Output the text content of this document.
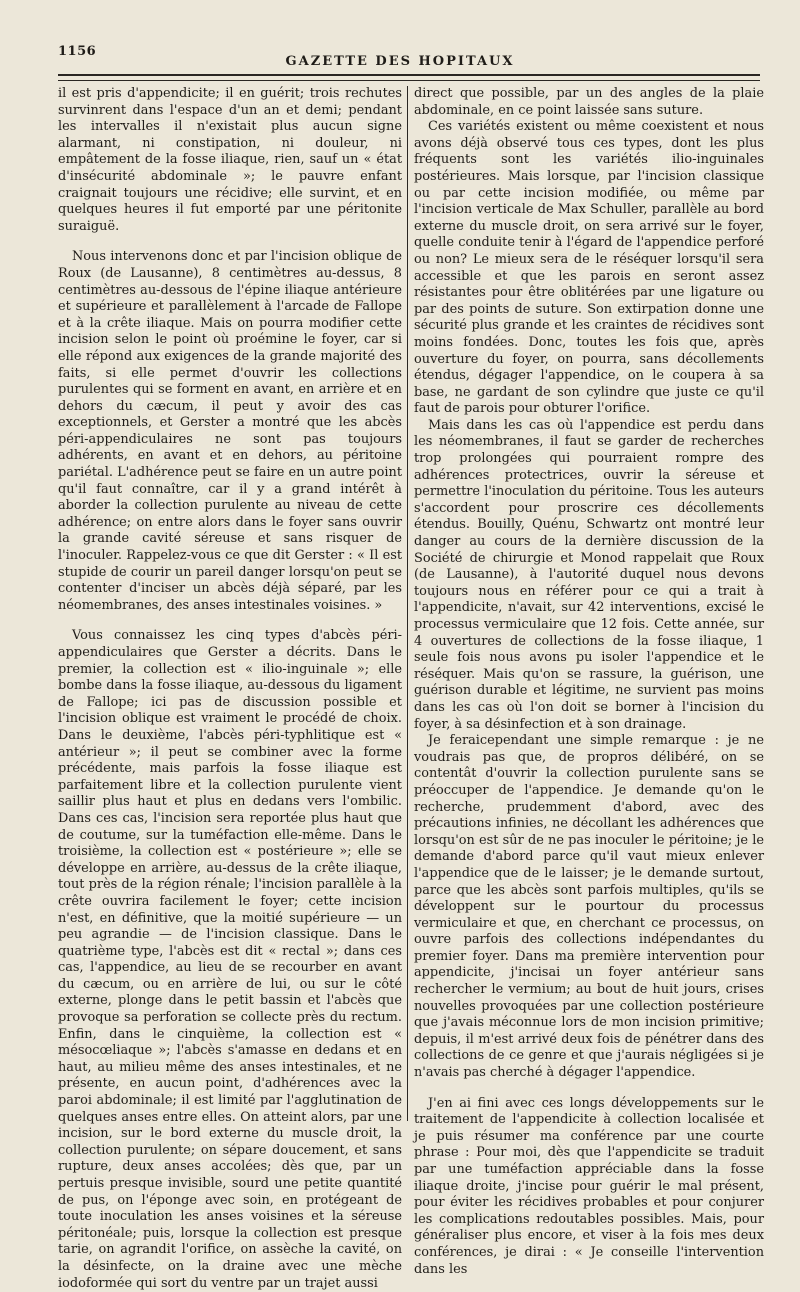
1156
GAZETTE DES HOPITAUX

il est pris d'appendicite; il en guérit; trois rechutes survinrent dans l'espace d'un an et demi; pendant les intervalles il n'existait plus aucun signe alarmant, ni constipation, ni douleur, ni empâtement de la fosse iliaque, rien, sauf un « état d'insécurité abdominale »; le pauvre enfant craignait toujours une récidive; elle survint, et en quelques heures il fut emporté par une péritonite suraiguë.

Nous intervenons donc et par l'incision oblique de Roux (de Lausanne), 8 centimètres au-dessus, 8 centimètres au-dessous de l'épine iliaque antérieure et supérieure et parallèlement à l'arcade de Fallope et à la crête iliaque. Mais on pourra modifier cette incision selon le point où proémine le foyer, car si elle répond aux exigences de la grande majorité des faits, si elle permet d'ouvrir les collections purulentes qui se forment en avant, en arrière et en dehors du cæcum, il peut y avoir des cas exceptionnels, et Gerster a montré que les abcès péri-appendiculaires ne sont pas toujours adhérents, en avant et en dehors, au péritoine pariétal. L'adhérence peut se faire en un autre point qu'il faut connaître, car il y a grand intérêt à aborder la collection purulente au niveau de cette adhérence; on entre alors dans le foyer sans ouvrir la grande cavité séreuse et sans risquer de l'inoculer. Rappelez-vous ce que dit Gerster : « Il est stupide de courir un pareil danger lorsqu'on peut se contenter d'inciser un abcès déjà séparé, par les néomembranes, des anses intestinales voisines. »

Vous connaissez les cinq types d'abcès péri-appendiculaires que Gerster a décrits. Dans le premier, la collection est « ilio-inguinale »; elle bombe dans la fosse iliaque, au-dessous du ligament de Fallope; ici pas de discussion possible et l'incision oblique est vraiment le procédé de choix. Dans le deuxième, l'abcès péri-typhlitique est « antérieur »; il peut se combiner avec la forme précédente, mais parfois la fosse iliaque est parfaitement libre et la collection purulente vient saillir plus haut et plus en dedans vers l'ombilic. Dans ces cas, l'incision sera reportée plus haut que de coutume, sur la tuméfaction elle-même. Dans le troisième, la collection est « postérieure »; elle se développe en arrière, au-dessus de la crête iliaque, tout près de la région rénale; l'incision parallèle à la crête ouvrira facilement le foyer; cette incision n'est, en définitive, que la moitié supérieure — un peu agrandie — de l'incision classique. Dans le quatrième type, l'abcès est dit « rectal »; dans ces cas, l'appendice, au lieu de se recourber en avant du cæcum, ou en arrière de lui, ou sur le côté externe, plonge dans le petit bassin et l'abcès que provoque sa perforation se collecte près du rectum. Enfin, dans le cinquième, la collection est « mésocœliaque »; l'abcès s'amasse en dedans et en haut, au milieu même des anses intestinales, et ne présente, en aucun point, d'adhérences avec la paroi abdominale; il est limité par l'agglutination de quelques anses entre elles. On atteint alors, par une incision, sur le bord externe du muscle droit, la collection purulente; on sépare doucement, et sans rupture, deux anses accolées; dès que, par un pertuis presque invisible, sourd une petite quantité de pus, on l'éponge avec soin, en protégeant de toute inoculation les anses voisines et la séreuse péritonéale; puis, lorsque la collection est presque tarie, on agrandit l'orifice, on assèche la cavité, on la désinfecte, on la draine avec une mèche iodoformée qui sort du ventre par un trajet aussi

direct que possible, par un des angles de la plaie abdominale, en ce point laissée sans suture.

Ces variétés existent ou même coexistent et nous avons déjà observé tous ces types, dont les plus fréquents sont les variétés ilio-inguinales postérieures. Mais lorsque, par l'incision classique ou par cette incision modifiée, ou même par l'incision verticale de Max Schuller, parallèle au bord externe du muscle droit, on sera arrivé sur le foyer, quelle conduite tenir à l'égard de l'appendice perforé ou non? Le mieux sera de le réséquer lorsqu'il sera accessible et que les parois en seront assez résistantes pour être oblitérées par une ligature ou par des points de suture. Son extirpation donne une sécurité plus grande et les craintes de récidives sont moins fondées. Donc, toutes les fois que, après ouverture du foyer, on pourra, sans décollements étendus, dégager l'appendice, on le coupera à sa base, ne gardant de son cylindre que juste ce qu'il faut de parois pour obturer l'orifice.

Mais dans les cas où l'appendice est perdu dans les néomembranes, il faut se garder de recherches trop prolongées qui pourraient rompre des adhérences protectrices, ouvrir la séreuse et permettre l'inoculation du péritoine. Tous les auteurs s'accordent pour proscrire ces décollements étendus. Bouilly, Quénu, Schwartz ont montré leur danger au cours de la dernière discussion de la Société de chirurgie et Monod rappelait que Roux (de Lausanne), à l'autorité duquel nous devons toujours nous en référer pour ce qui a trait à l'appendicite, n'avait, sur 42 interventions, excisé le processus vermiculaire que 12 fois. Cette année, sur 4 ouvertures de collections de la fosse iliaque, 1 seule fois nous avons pu isoler l'appendice et le réséquer. Mais qu'on se rassure, la guérison, une guérison durable et légitime, ne survient pas moins dans les cas où l'on doit se borner à l'incision du foyer, à sa désinfection et à son drainage.

Je feraicependant une simple remarque : je ne voudrais pas que, de propros délibéré, on se contentât d'ouvrir la collection purulente sans se préoccuper de l'appendice. Je demande qu'on le recherche, prudemment d'abord, avec des précautions infinies, ne décollant les adhérences que lorsqu'on est sûr de ne pas inoculer le péritoine; je le demande d'abord parce qu'il vaut mieux enlever l'appendice que de le laisser; je le demande surtout, parce que les abcès sont parfois multiples, qu'ils se développent sur le pourtour du processus vermiculaire et que, en cherchant ce processus, on ouvre parfois des collections indépendantes du premier foyer. Dans ma première intervention pour appendicite, j'incisai un foyer antérieur sans rechercher le vermium; au bout de huit jours, crises nouvelles provoquées par une collection postérieure que j'avais méconnue lors de mon incision primitive; depuis, il m'est arrivé deux fois de pénétrer dans des collections de ce genre et que j'aurais négligées si je n'avais pas cherché à dégager l'appendice.

J'en ai fini avec ces longs développements sur le traitement de l'appendicite à collection localisée et je puis résumer ma conférence par une courte phrase : Pour moi, dès que l'appendicite se traduit par une tuméfaction appréciable dans la fosse iliaque droite, j'incise pour guérir le mal présent, pour éviter les récidives probables et pour conjurer les complications redoutables possibles. Mais, pour généraliser plus encore, et viser à la fois mes deux conférences, je dirai : « Je conseille l'intervention dans les
